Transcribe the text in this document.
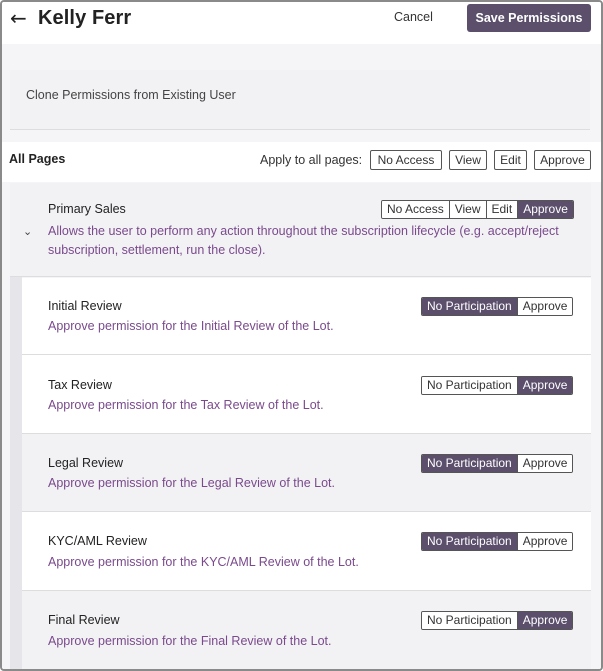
← Kelly Ferr	Cancel	Save Permissions
Clone Permissions from Existing User
All Pages	Apply to all pages:	No Access	View	Edit	Approve
⌄
Primary Sales	No Access View Edit Approve
Allows the user to perform any action throughout the subscription lifecycle (e.g. accept/reject
subscription, settlement, run the close).
Initial Review
Approve permission for the Initial Review of the Lot.
No Participation Approve
Tax Review
Approve permission for the Tax Review of the Lot.
No Participation Approve
Legal Review
Approve permission for the Legal Review of the Lot.
No Participation Approve
KYC/AML Review
Approve permission for the KYC/AML Review of the Lot.
No Participation Approve
Final Review
Approve permission for the Final Review of the Lot.
No Participation Approve
